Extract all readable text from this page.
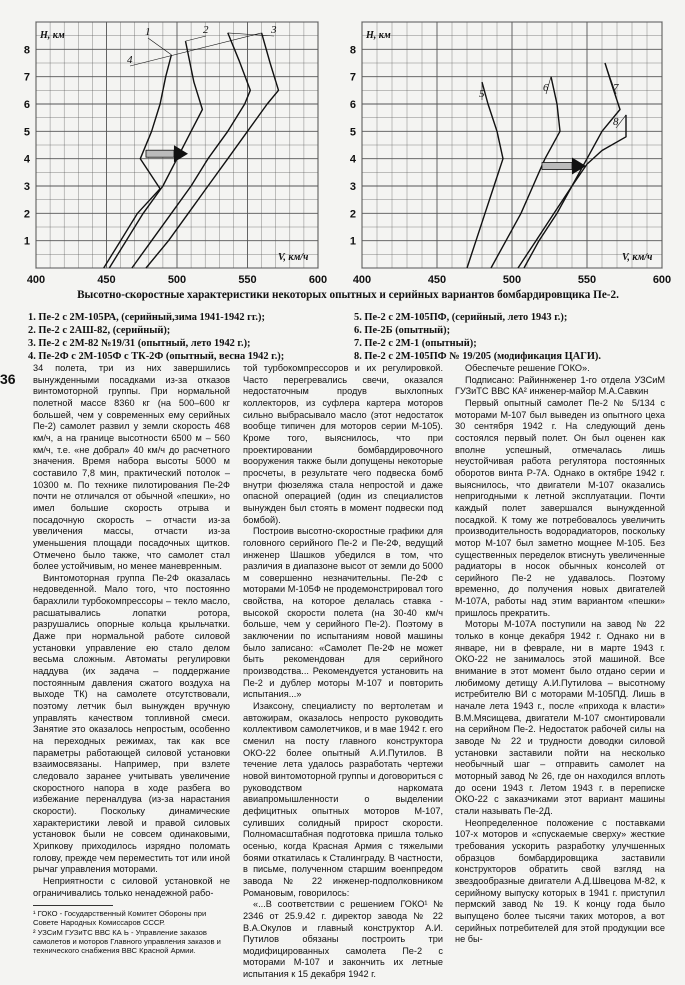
400	450	500	550	600
1
2
3
4
5
6
7
8
H, км
V, км/ч
1	2	3
4
400	450	500	550	600
1
2
3
4
5
6
7
8
H, км
V, км/ч
5	6	7
8
Высотно-скоростные характеристики некоторых опытных и серийных вариантов бомбардировщика Пе-2.
1. Пе-2 с 2М-105РА, (серийный,зима 1941-1942 гг.);
2. Пе-2 с 2АШ-82, (серийный);
3. Пе-2 с 2М-82 №19/31 (опытный, лето 1942 г.);
4. Пе-2Ф с 2М-105Ф с ТК-2Ф (опытный, весна 1942 г.);
5. Пе-2 с 2М-105ПФ, (серийный, лето 1943 г.);
6. Пе-2Б (опытный);
7. Пе-2 с 2М-1 (опытный);
8. Пе-2 с 2М-105ПФ № 19/205 (модификация ЦАГИ).
36

34 полета, три из них завершились вынужденными посадками из-за отказов винтомоторной группы. При нормальной полетной массе 8360 кг (на 500–600 кг большей, чем у современных ему серийных Пе-2) самолет развил у земли скорость 468 км/ч, а на границе высотности 6500 м – 560 км/ч, т.е. «не добрал» 40 км/ч до расчетного значения. Время набора высоты 5000 м составило 7,8 мин, практический потолок – 10300 м. По технике пилотирования Пе-2Ф почти не отличался от обычной «пешки», но имел большие скорость отрыва и посадочную скорость – отчасти из-за увеличения массы, отчасти из-за уменьшения площади посадочных щитков. Отмечено было также, что самолет стал более устойчивым, но менее маневренным.

Винтомоторная группа Пе-2Ф оказалась недоведенной. Мало того, что постоянно барахлили турбокомпрессоры – текло масло, расшатывались лопатки ротора, разрушались опорные кольца крыльчатки. Даже при нормальной работе силовой установки управление ею стало делом весьма сложным. Автоматы регулировки наддува (их задача – поддержание постоянным давления сжатого воздуха на выходе ТК) на самолете отсутствовали, поэтому летчик был вынужден вручную управлять качеством топливной смеси. Занятие это оказалось непростым, особенно на переходных режимах, так как все параметры работающей силовой установки взаимосвязаны. Например, при взлете следовало заранее учитывать увеличение скоростного напора в ходе разбега во избежание переналдува (из-за нарастания скорости). Поскольку динамические характеристики левой и правой силовых установок были не совсем одинаковыми, Хрипкову приходилось изрядно поломать голову, прежде чем переместить тот или иной рычаг управления моторами.

Неприятности с силовой установкой не ограничивались только ненадежной рабо-

той турбокомпрессоров и их регулировкой. Часто перегревались свечи, оказался недостаточным продув выхлопных коллекторов, из суфлера картера моторов сильно выбрасывало масло (этот недостаток вообще типичен для моторов серии М-105). Кроме того, выяснилось, что при проектировании бомбардировочного вооружения также были допущены некоторые просчеты, в результате чего подвеска бомб внутри фюзеляжа стала непростой и даже опасной операцией (один из специалистов вынужден был стоять в момент подвески под бомбой).

Построив высотно-скоростные графики для головного серийного Пе-2 и Пе-2Ф, ведущий инженер Шашков убедился в том, что различия в диапазоне высот от земли до 5000 м совершенно незначительны. Пе-2Ф с моторами М-105Ф не продемонстрировал того свойства, на которое делалась ставка - высокой скорости полета (на 30-40 км/ч больше, чем у серийного Пе-2). Поэтому в заключении по испытаниям новой машины было записано: «Самолет Пе-2Ф не может быть рекомендован для серийного производства... Рекомендуется установить на Пе-2 и дублер моторы М-107 и повторить испытания...»

Изаксону, специалисту по вертолетам и автожирам, оказалось непросто руководить коллективом самолетчиков, и в мае 1942 г. его сменил на посту главного конструктора ОКО-22 более опытный А.И.Путилов. В течение лета удалось разработать чертежи новой винтомоторной группы и договориться с руководством наркомата авиапромышленности о выделении дефицитных опытных моторов М-107, суливших солидный прирост скорости. Полномасштабная подготовка пришла только осенью, когда Красная Армия с тяжелыми боями откатилась к Сталинграду. В частности, в письме, полученном старшим военпредом завода № 22 инженер-подполковником Романовым, говорилось:

«...В соответствии с решением ГОКО¹ № 2346 от 25.9.42 г. директор завода № 22 В.А.Окулов и главный конструктор А.И. Путилов обязаны построить три модифицированных самолета Пе-2 с моторами М-107 и закончить их летные испытания к 15 декабря 1942 г.

Обеспечьте решение ГОКО».

Подписано: Райиннженер 1-го отдела УЗСиМ ГУЗиТС ВВС КА² инженер-майор М.А.Савкин

Первый опытный самолет Пе-2 № 5/134 с моторами М-107 был выведен из опытного цеха 30 сентября 1942 г. На следующий день состоялся первый полет. Он был оценен как вполне успешный, отмечалась лишь неустойчивая работа регулятора постоянных оборотов винта Р-7А. Однако в октябре 1942 г. выяснилось, что двигатели М-107 оказались непригодными к летной эксплуатации. Почти каждый полет завершался вынужденной посадкой. К тому же потребовалось увеличить производительность водорадиаторов, поскольку мотор М-107 был заметно мощнее М-105. Без существенных переделок втиснуть увеличенные радиаторы в носок обычных консолей от серийного Пе-2 не удавалось. Поэтому временно, до получения новых двигателей М-107А, работы над этим вариантом «пешки» пришлось прекратить.

Моторы М-107А поступили на завод № 22 только в конце декабря 1942 г. Однако ни в январе, ни в феврале, ни в марте 1943 г. ОКО-22 не занималось этой машиной. Все внимание в этот момент было отдано серии и любимому детищу А.И.Путилова – высотному истребителю ВИ с моторами М-105ПД. Лишь в начале лета 1943 г., после «прихода к власти» В.М.Мясищева, двигатели М-107 смонтировали на серийном Пе-2. Недостаток рабочей силы на заводе № 22 и трудности доводки силовой установки заставили пойти на несколько необычный шаг – отправить самолет на моторный завод № 26, где он находился вплоть до осени 1943 г. Летом 1943 г. в переписке ОКО-22 с заказчиками этот вариант машины стали называть Пе-2Д.

Неопределенное положение с поставками 107-х моторов и «спускаемые сверху» жесткие требования ускорить разработку улучшенных образцов бомбардировщика заставили конструкторов обратить свой взгляд на звездообразные двигатели А.Д.Швецова М-82, к серийному выпуску которых в 1941 г. приступил пермский завод № 19. К концу года было выпущено более тысячи таких моторов, а вот серийных потребителей для этой продукции все не бы-

¹ ГОКО - Государственный Комитет Обороны при Совете Народных Комиссаров СССР.
² УЗСиМ ГУЗиТС ВВС КА Ь - Управление заказов самолетов и моторов Главного управления заказов и технического снабжения ВВС Красной Армии.
